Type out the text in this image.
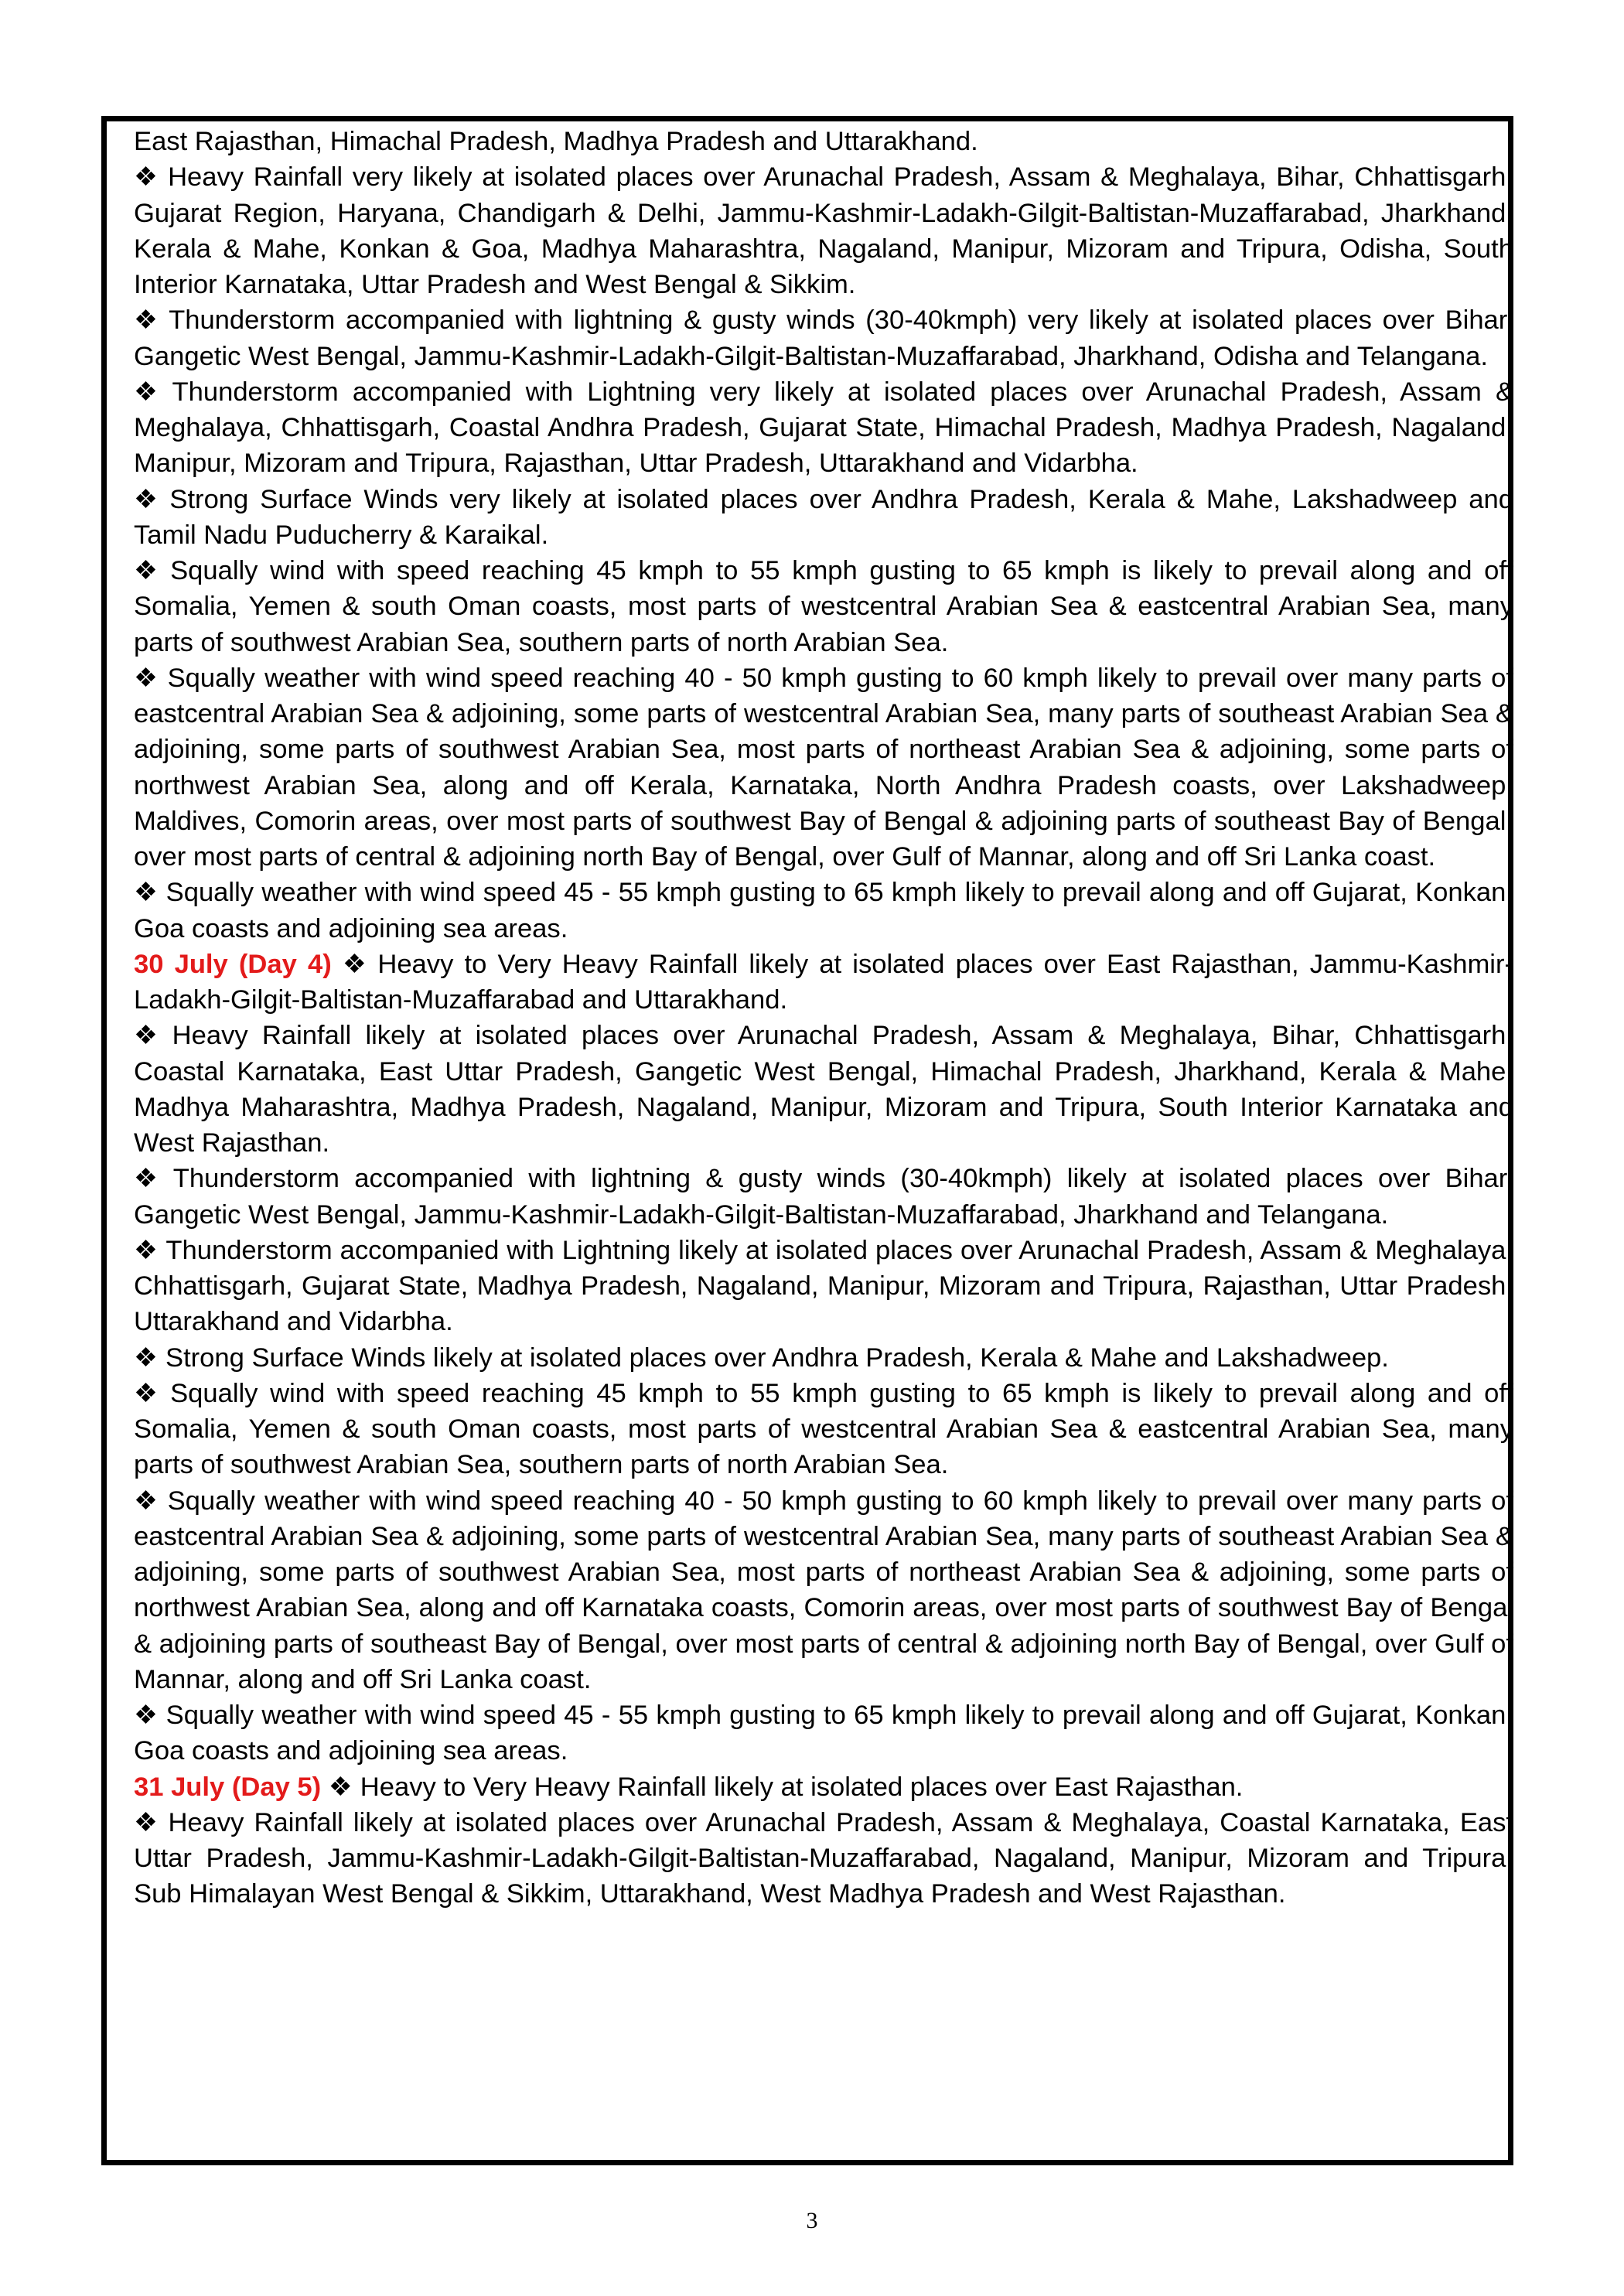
East Rajasthan, Himachal Pradesh, Madhya Pradesh and Uttarakhand.

❖ Heavy Rainfall very likely at isolated places over Arunachal Pradesh, Assam & Meghalaya, Bihar, Chhattisgarh, Gujarat Region, Haryana, Chandigarh & Delhi, Jammu-Kashmir-Ladakh-Gilgit-Baltistan-Muzaffarabad, Jharkhand, Kerala & Mahe, Konkan & Goa, Madhya Maharashtra, Nagaland, Manipur, Mizoram and Tripura, Odisha, South Interior Karnataka, Uttar Pradesh and West Bengal & Sikkim.

❖ Thunderstorm accompanied with lightning & gusty winds (30-40kmph) very likely at isolated places over Bihar, Gangetic West Bengal, Jammu-Kashmir-Ladakh-Gilgit-Baltistan-Muzaffarabad, Jharkhand, Odisha and Telangana.

❖ Thunderstorm accompanied with Lightning very likely at isolated places over Arunachal Pradesh, Assam & Meghalaya, Chhattisgarh, Coastal Andhra Pradesh, Gujarat State, Himachal Pradesh, Madhya Pradesh, Nagaland, Manipur, Mizoram and Tripura, Rajasthan, Uttar Pradesh, Uttarakhand and Vidarbha.

❖ Strong Surface Winds very likely at isolated places over Andhra Pradesh, Kerala & Mahe, Lakshadweep and Tamil Nadu Puducherry & Karaikal.

❖ Squally wind with speed reaching 45 kmph to 55 kmph gusting to 65 kmph is likely to prevail along and off Somalia, Yemen & south Oman coasts, most parts of westcentral Arabian Sea & eastcentral Arabian Sea, many parts of southwest Arabian Sea, southern parts of north Arabian Sea.

❖ Squally weather with wind speed reaching 40 - 50 kmph gusting to 60 kmph likely to prevail over many parts of eastcentral Arabian Sea & adjoining, some parts of westcentral Arabian Sea, many parts of southeast Arabian Sea & adjoining, some parts of southwest Arabian Sea, most parts of northeast Arabian Sea & adjoining, some parts of northwest Arabian Sea, along and off Kerala, Karnataka, North Andhra Pradesh coasts, over Lakshadweep, Maldives, Comorin areas, over most parts of southwest Bay of Bengal & adjoining parts of southeast Bay of Bengal, over most parts of central & adjoining north Bay of Bengal, over Gulf of Mannar, along and off Sri Lanka coast.

❖ Squally weather with wind speed 45 - 55 kmph gusting to 65 kmph likely to prevail along and off Gujarat, Konkan, Goa coasts and adjoining sea areas.

30 July (Day 4) ❖ Heavy to Very Heavy Rainfall likely at isolated places over East Rajasthan, Jammu-Kashmir-Ladakh-Gilgit-Baltistan-Muzaffarabad and Uttarakhand.

❖ Heavy Rainfall likely at isolated places over Arunachal Pradesh, Assam & Meghalaya, Bihar, Chhattisgarh, Coastal Karnataka, East Uttar Pradesh, Gangetic West Bengal, Himachal Pradesh, Jharkhand, Kerala & Mahe, Madhya Maharashtra, Madhya Pradesh, Nagaland, Manipur, Mizoram and Tripura, South Interior Karnataka and West Rajasthan.

❖ Thunderstorm accompanied with lightning & gusty winds (30-40kmph) likely at isolated places over Bihar, Gangetic West Bengal, Jammu-Kashmir-Ladakh-Gilgit-Baltistan-Muzaffarabad, Jharkhand and Telangana.

❖ Thunderstorm accompanied with Lightning likely at isolated places over Arunachal Pradesh, Assam & Meghalaya, Chhattisgarh, Gujarat State, Madhya Pradesh, Nagaland, Manipur, Mizoram and Tripura, Rajasthan, Uttar Pradesh, Uttarakhand and Vidarbha.

❖ Strong Surface Winds likely at isolated places over Andhra Pradesh, Kerala & Mahe and Lakshadweep.

❖ Squally wind with speed reaching 45 kmph to 55 kmph gusting to 65 kmph is likely to prevail along and off Somalia, Yemen & south Oman coasts, most parts of westcentral Arabian Sea & eastcentral Arabian Sea, many parts of southwest Arabian Sea, southern parts of north Arabian Sea.

❖ Squally weather with wind speed reaching 40 - 50 kmph gusting to 60 kmph likely to prevail over many parts of eastcentral Arabian Sea & adjoining, some parts of westcentral Arabian Sea, many parts of southeast Arabian Sea & adjoining, some parts of southwest Arabian Sea, most parts of northeast Arabian Sea & adjoining, some parts of northwest Arabian Sea, along and off Karnataka coasts, Comorin areas, over most parts of southwest Bay of Bengal & adjoining parts of southeast Bay of Bengal, over most parts of central & adjoining north Bay of Bengal, over Gulf of Mannar, along and off Sri Lanka coast.

❖ Squally weather with wind speed 45 - 55 kmph gusting to 65 kmph likely to prevail along and off Gujarat, Konkan, Goa coasts and adjoining sea areas.

31 July (Day 5) ❖ Heavy to Very Heavy Rainfall likely at isolated places over East Rajasthan.

❖ Heavy Rainfall likely at isolated places over Arunachal Pradesh, Assam & Meghalaya, Coastal Karnataka, East Uttar Pradesh, Jammu-Kashmir-Ladakh-Gilgit-Baltistan-Muzaffarabad, Nagaland, Manipur, Mizoram and Tripura, Sub Himalayan West Bengal & Sikkim, Uttarakhand, West Madhya Pradesh and West Rajasthan.

3
